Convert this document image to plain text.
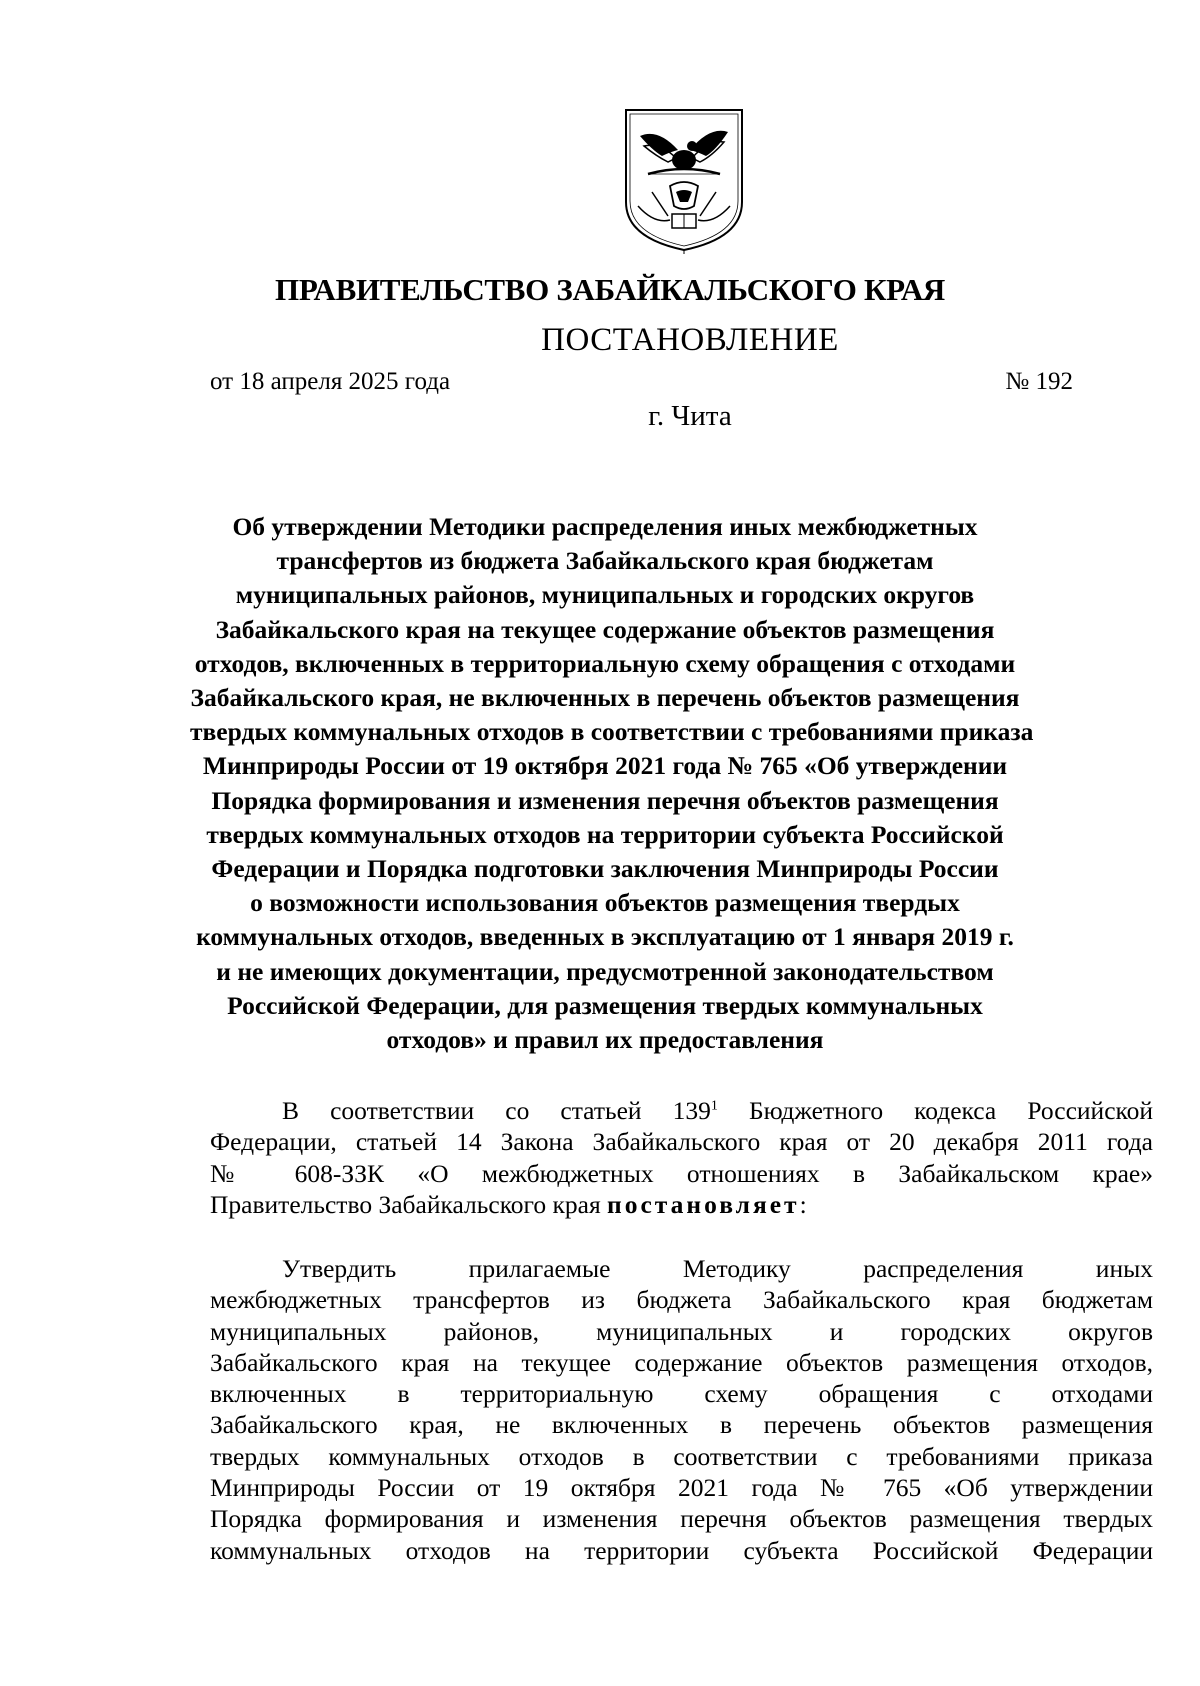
ПРАВИТЕЛЬСТВО ЗАБАЙКАЛЬСКОГО КРАЯ
ПОСТАНОВЛЕНИЕ
от 18 апреля 2025 года	№ 192
г. Чита
Об утверждении Методики распределения иных межбюджетных
трансфертов из бюджета Забайкальского края бюджетам
муниципальных районов, муниципальных и городских округов
Забайкальского края на текущее содержание объектов размещения
отходов, включенных в территориальную схему обращения с отходами
Забайкальского края, не включенных в перечень объектов размещения
твердых коммунальных отходов в соответствии с требованиями приказа
Минприроды России от 19 октября 2021 года № 765 «Об утверждении
Порядка формирования и изменения перечня объектов размещения
твердых коммунальных отходов на территории субъекта Российской
Федерации и Порядка подготовки заключения Минприроды России
о возможности использования объектов размещения твердых
коммунальных отходов, введенных в эксплуатацию от 1 января 2019 г.
и не имеющих документации, предусмотренной законодательством
Российской Федерации, для размещения твердых коммунальных
отходов» и правил их предоставления
В соответствии со статьей $139^1$ Бюджетного кодекса Российской
Федерации, статьей 14 Закона Забайкальского края от 20 декабря 2011 года
№ 608-ЗЗК «О межбюджетных отношениях в Забайкальском крае»
Правительство Забайкальского края постановляет:
Утвердить прилагаемые Методику распределения иных
межбюджетных трансфертов из бюджета Забайкальского края бюджетам
муниципальных районов, муниципальных и городских округов
Забайкальского края на текущее содержание объектов размещения отходов,
включенных в территориальную схему обращения с отходами
Забайкальского края, не включенных в перечень объектов размещения
твердых коммунальных отходов в соответствии с требованиями приказа
Минприроды России от 19 октября 2021 года № 765 «Об утверждении
Порядка формирования и изменения перечня объектов размещения твердых
коммунальных отходов на территории субъекта Российской Федерации
